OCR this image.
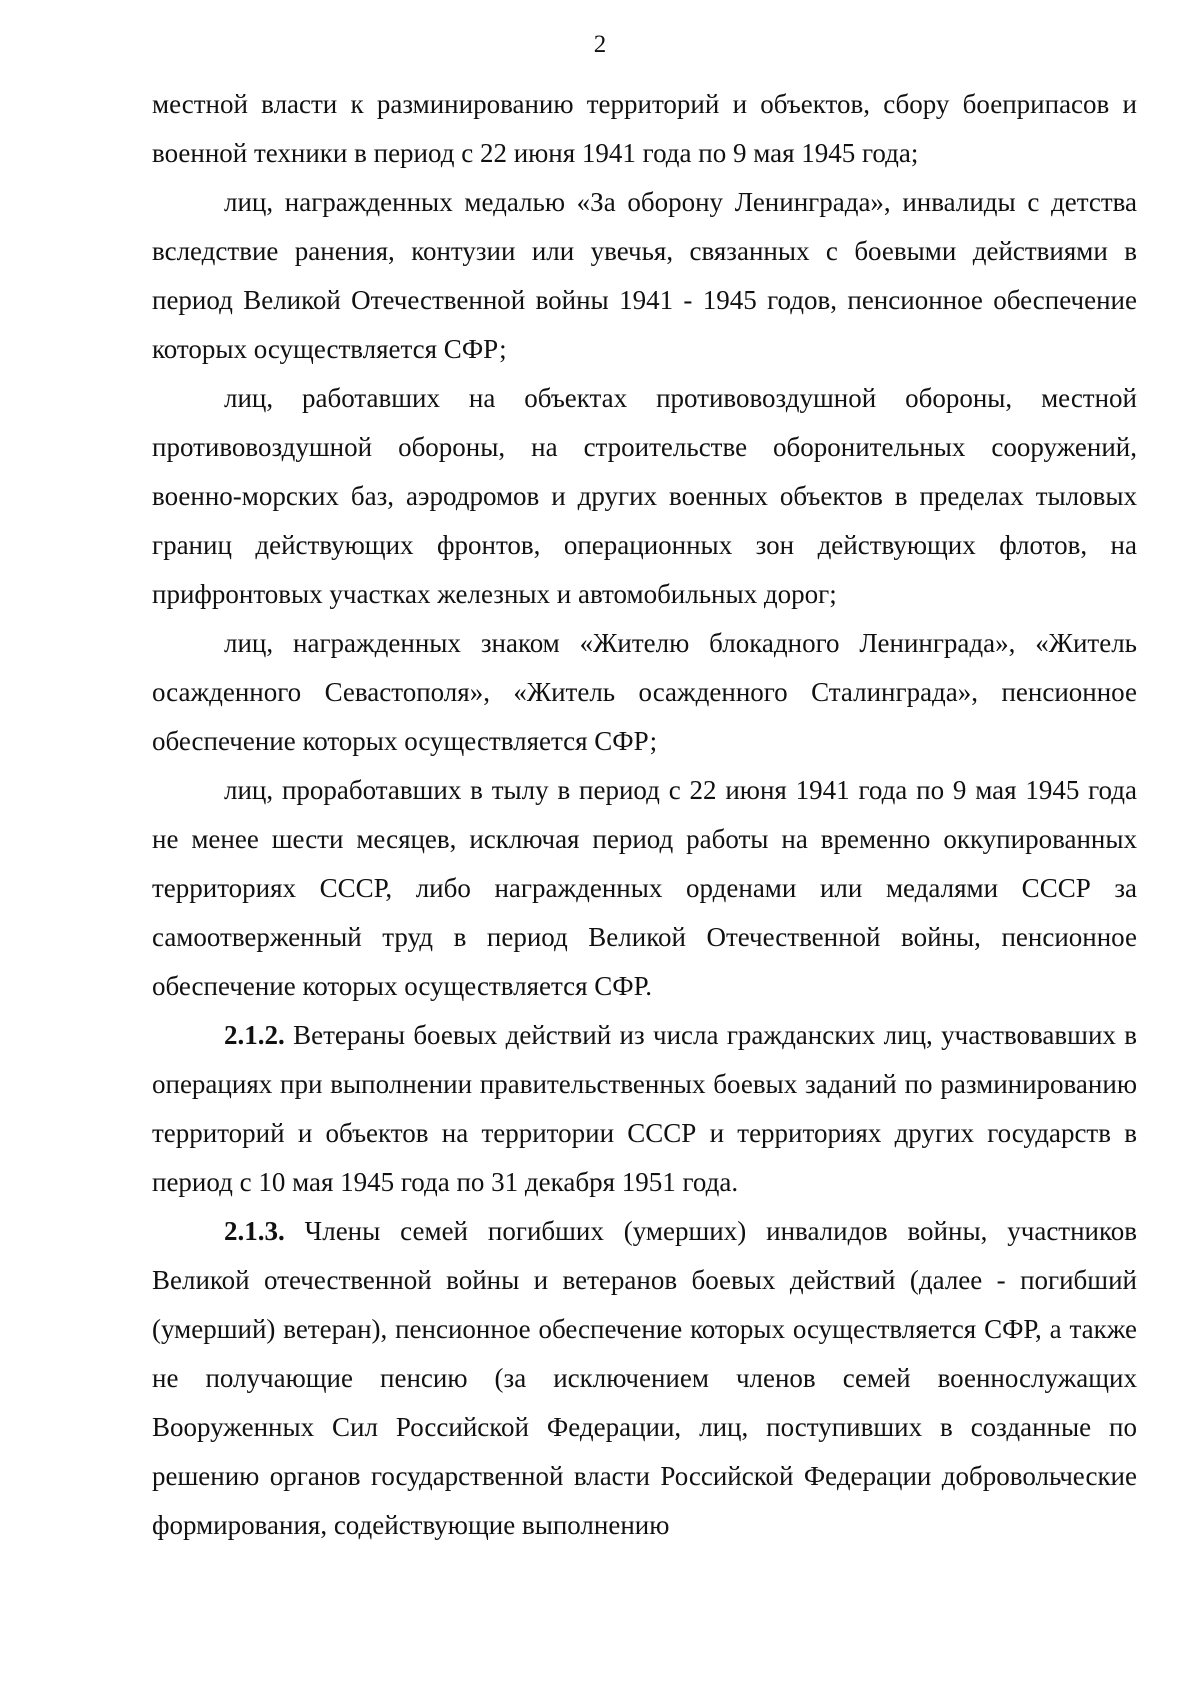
2

местной власти к разминированию территорий и объектов, сбору боеприпасов и военной техники в период с 22 июня 1941 года по 9 мая 1945 года;

лиц, награжденных медалью «За оборону Ленинграда», инвалиды с детства вследствие ранения, контузии или увечья, связанных с боевыми действиями в период Великой Отечественной войны 1941 - 1945 годов, пенсионное обеспечение которых осуществляется СФР;

лиц, работавших на объектах противовоздушной обороны, местной противовоздушной обороны, на строительстве оборонительных сооружений, военно-морских баз, аэродромов и других военных объектов в пределах тыловых границ действующих фронтов, операционных зон действующих флотов, на прифронтовых участках железных и автомобильных дорог;

лиц, награжденных знаком «Жителю блокадного Ленинграда», «Житель осажденного Севастополя», «Житель осажденного Сталинграда», пенсионное обеспечение которых осуществляется СФР;

лиц, проработавших в тылу в период с 22 июня 1941 года по 9 мая 1945 года не менее шести месяцев, исключая период работы на временно оккупированных территориях СССР, либо награжденных орденами или медалями СССР за самоотверженный труд в период Великой Отечественной войны, пенсионное обеспечение которых осуществляется СФР.

2.1.2. Ветераны боевых действий из числа гражданских лиц, участвовавших в операциях при выполнении правительственных боевых заданий по разминированию территорий и объектов на территории СССР и территориях других государств в период с 10 мая 1945 года по 31 декабря 1951 года.

2.1.3. Члены семей погибших (умерших) инвалидов войны, участников Великой отечественной войны и ветеранов боевых действий (далее - погибший (умерший) ветеран), пенсионное обеспечение которых осуществляется СФР, а также не получающие пенсию (за исключением членов семей военнослужащих Вооруженных Сил Российской Федерации, лиц, поступивших в созданные по решению органов государственной власти Российской Федерации добровольческие формирования, содействующие выполнению
